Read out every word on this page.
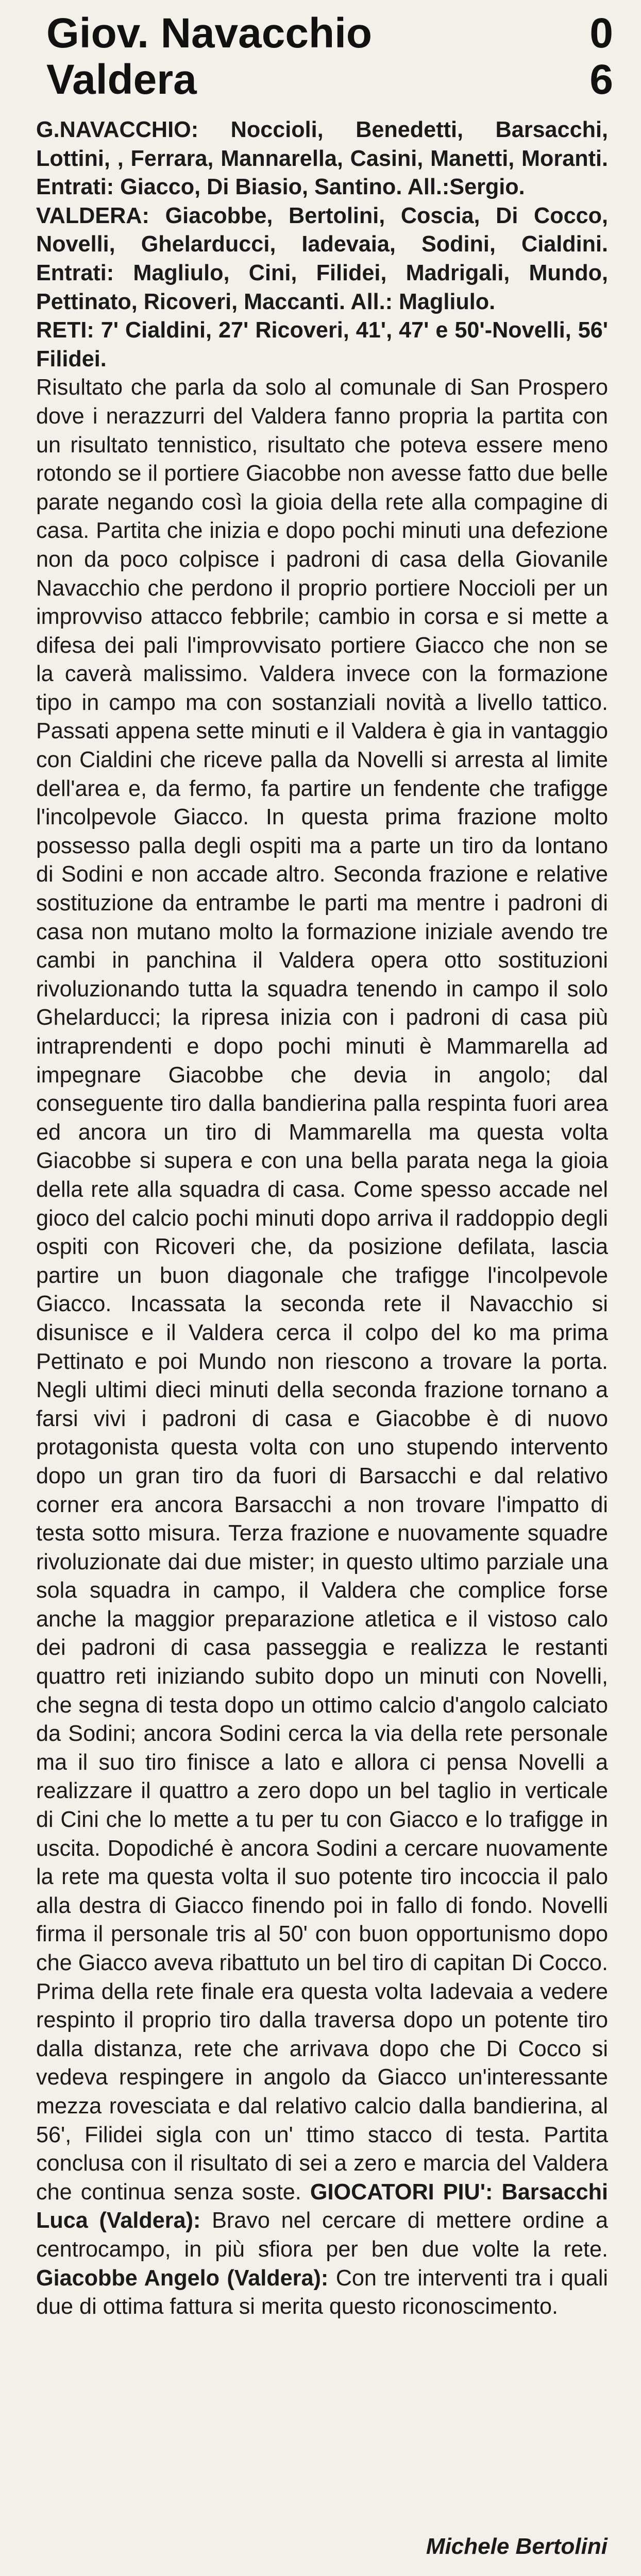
Giov. Navacchio	0
Valdera	6

G.NAVACCHIO: Noccioli, Benedetti, Barsacchi, Lottini, , Ferrara, Mannarella, Casini, Manetti, Moranti. Entrati: Giacco, Di Biasio, Santino. All.:Sergio.

VALDERA: Giacobbe, Bertolini, Coscia, Di Cocco, Novelli, Ghelarducci, Iadevaia, Sodini, Cialdini. Entrati: Magliulo, Cini, Filidei, Madrigali, Mundo, Pettinato, Ricoveri, Maccanti. All.: Magliulo.

RETI: 7' Cialdini, 27' Ricoveri, 41', 47' e 50'-Novelli, 56' Filidei.

Risultato che parla da solo al comunale di San Prospero dove i nerazzurri del Valdera fanno propria la partita con un risultato tennistico, risultato che poteva essere meno rotondo se il portiere Giacobbe non avesse fatto due belle parate negando così la gioia della rete alla compagine di casa. Partita che inizia e dopo pochi minuti una defezione non da poco colpisce i padroni di casa della Giovanile Navacchio che perdono il proprio portiere Noccioli per un improvviso attacco febbrile; cambio in corsa e si mette a difesa dei pali l'improvvisato portiere Giacco che non se la caverà malissimo. Valdera invece con la formazione tipo in campo ma con sostanziali novità a livello tattico. Passati appena sette minuti e il Valdera è gia in vantaggio con Cialdini che riceve palla da Novelli si arresta al limite dell'area e, da fermo, fa partire un fendente che trafigge l'incolpevole Giacco. In questa prima frazione molto possesso palla degli ospiti ma a parte un tiro da lontano di Sodini e non accade altro. Seconda frazione e relative sostituzione da entrambe le parti ma mentre i padroni di casa non mutano molto la formazione iniziale avendo tre cambi in panchina il Valdera opera otto sostituzioni rivoluzionando tutta la squadra tenendo in campo il solo Ghelarducci; la ripresa inizia con i padroni di casa più intraprendenti e dopo pochi minuti è Mammarella ad impegnare Giacobbe che devia in angolo; dal conseguente tiro dalla bandierina palla respinta fuori area ed ancora un tiro di Mammarella ma questa volta Giacobbe si supera e con una bella parata nega la gioia della rete alla squadra di casa. Come spesso accade nel gioco del calcio pochi minuti dopo arriva il raddoppio degli ospiti con Ricoveri che, da posizione defilata, lascia partire un buon diagonale che trafigge l'incolpevole Giacco. Incassata la seconda rete il Navacchio si disunisce e il Valdera cerca il colpo del ko ma prima Pettinato e poi Mundo non riescono a trovare la porta. Negli ultimi dieci minuti della seconda frazione tornano a farsi vivi i padroni di casa e Giacobbe è di nuovo protagonista questa volta con uno stupendo intervento dopo un gran tiro da fuori di Barsacchi e dal relativo corner era ancora Barsacchi a non trovare l'impatto di testa sotto misura. Terza frazione e nuovamente squadre rivoluzionate dai due mister; in questo ultimo parziale una sola squadra in campo, il Valdera che complice forse anche la maggior preparazione atletica e il vistoso calo dei padroni di casa passeggia e realizza le restanti quattro reti iniziando subito dopo un minuti con Novelli, che segna di testa dopo un ottimo calcio d'angolo calciato da Sodini; ancora Sodini cerca la via della rete personale ma il suo tiro finisce a lato e allora ci pensa Novelli a realizzare il quattro a zero dopo un bel taglio in verticale di Cini che lo mette a tu per tu con Giacco e lo trafigge in uscita. Dopodiché è ancora Sodini a cercare nuovamente la rete ma questa volta il suo potente tiro incoccia il palo alla destra di Giacco finendo poi in fallo di fondo. Novelli firma il personale tris al 50' con buon opportunismo dopo che Giacco aveva ribattuto un bel tiro di capitan Di Cocco. Prima della rete finale era questa volta Iadevaia a vedere respinto il proprio tiro dalla traversa dopo un potente tiro dalla distanza, rete che arrivava dopo che Di Cocco si vedeva respingere in angolo da Giacco un'interessante mezza rovesciata e dal relativo calcio dalla bandierina, al 56', Filidei sigla con un' ttimo stacco di testa. Partita conclusa con il risultato di sei a zero e marcia del Valdera che continua senza soste. GIOCATORI PIU': Barsacchi Luca (Valdera): Bravo nel cercare di mettere ordine a centrocampo, in più sfiora per ben due volte la rete. Giacobbe Angelo (Valdera): Con tre interventi tra i quali due di ottima fattura si merita questo riconoscimento.

Michele Bertolini
